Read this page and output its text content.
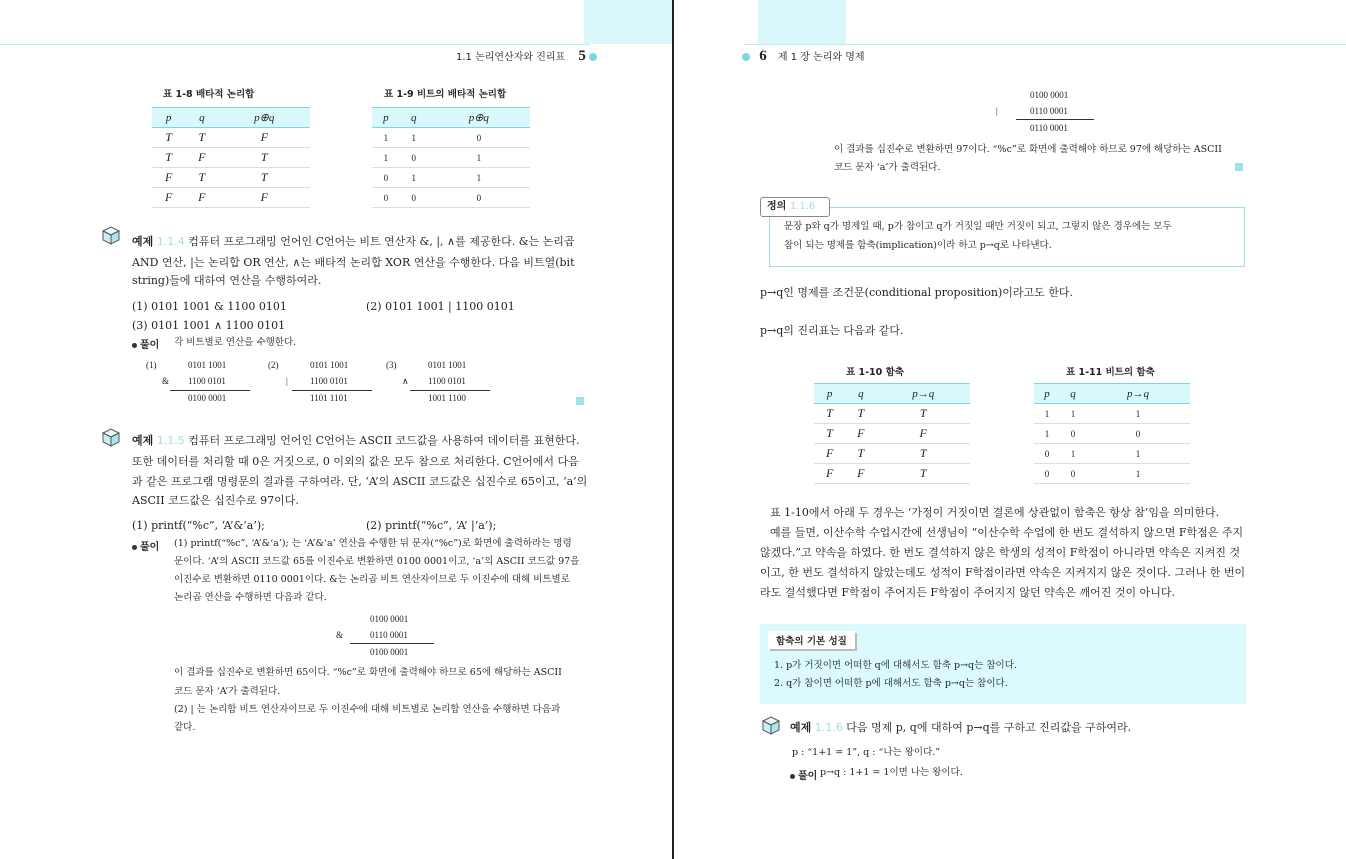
1.1 논리연산자와 진리표 5
표 1-8 배타적 논리합
p	q	p⊕q
T	T	F
T	F	T
F	T	T
F	F	F
표 1-9 비트의 배타적 논리합
p	q	p⊕q
1	1	0
1	0	1
0	1	1
0	0	0
예제 1.1.4 컴퓨터 프로그래밍 언어인 C언어는 비트 연산자 &, |, ∧를 제공한다. &는 논리곱
AND 연산, |는 논리합 OR 연산, ∧는 배타적 논리합 XOR 연산을 수행한다. 다음 비트열(bit
string)들에 대하여 연산을 수행하여라.
(1) 0101 1001 & 1100 0101	(2) 0101 1001 | 1100 0101
(3) 0101 1001 ∧ 1100 0101
풀이 각 비트별로 연산을 수행한다.
(1)	0101 1001
& 1100 0101
0100 0001
(2)	0101 1001
| 1100 0101
1101 1101
(3)	0101 1001
∧ 1100 0101
1001 1100
예제 1.1.5 컴퓨터 프로그래밍 언어인 C언어는 ASCII 코드값을 사용하여 데이터를 표현한다.
또한 데이터를 처리할 때 0은 거짓으로, 0 이외의 값은 모두 참으로 처리한다. C언어에서 다음
과 같은 프로그램 명령문의 결과를 구하여라. 단, ‘A’의 ASCII 코드값은 십진수로 65이고, ‘a’의
ASCII 코드값은 십진수로 97이다.
(1) printf(“%c”, ‘A’&‘a’);	(2) printf(“%c”, ‘A’ |‘a’);
풀이 (1) printf(“%c”, ‘A’&‘a’); 는 ‘A’&‘a’ 연산을 수행한 뒤 문자(“%c”)로 화면에 출력하라는 명령
문이다. ‘A’의 ASCII 코드값 65를 이진수로 변환하면 0100 0001이고, ‘a’의 ASCII 코드값 97을
이진수로 변환하면 0110 0001이다. &는 논리곱 비트 연산자이므로 두 이진수에 대해 비트별로
논리곱 연산을 수행하면 다음과 같다.
0100 0001
&	0110 0001
0100 0001
이 결과를 십진수로 변환하면 65이다. “%c”로 화면에 출력해야 하므로 65에 해당하는 ASCII
코드 문자 ‘A’가 출력된다.
(2) | 는 논리합 비트 연산자이므로 두 이진수에 대해 비트별로 논리합 연산을 수행하면 다음과
같다.
6 제 1 장 논리와 명제
0100 0001
|	0110 0001
0110 0001
이 결과를 십진수로 변환하면 97이다. “%c”로 화면에 출력해야 하므로 97에 해당하는 ASCII
코드 문자 ‘a’가 출력된다.
정의 1.1.6
문장 p와 q가 명제일 때, p가 참이고 q가 거짓일 때만 거짓이 되고, 그렇지 않은 경우에는 모두
참이 되는 명제를 함축(implication)이라 하고 p→q로 나타낸다.
p→q인 명제를 조건문(conditional proposition)이라고도 한다.
p→q의 진리표는 다음과 같다.
표 1-10 함축
p	q	p→q
T	T	T
T	F	F
F	T	T
F	F	T
표 1-11 비트의 함축
p	q	p→q
1	1	1
1	0	0
0	1	1
0	0	1
표 1-10에서 아래 두 경우는 ‘가정이 거짓이면 결론에 상관없이 함축은 항상 참’임을 의미한다.
예를 들면, 이산수학 수업시간에 선생님이 “이산수학 수업에 한 번도 결석하지 않으면 F학점은 주지
않겠다.”고 약속을 하였다. 한 번도 결석하지 않은 학생의 성적이 F학점이 아니라면 약속은 지켜진 것
이고, 한 번도 결석하지 않았는데도 성적이 F학점이라면 약속은 지켜지지 않은 것이다. 그러나 한 번이
라도 결석했다면 F학점이 주어지든 F학점이 주어지지 않던 약속은 깨어진 것이 아니다.
함축의 기본 성질
1. p가 거짓이면 어떠한 q에 대해서도 함축 p→q는 참이다.
2. q가 참이면 어떠한 p에 대해서도 함축 p→q는 참이다.
예제 1.1.6 다음 명제 p, q에 대하여 p→q를 구하고 진리값을 구하여라.
p : “1+1 = 1”, q : “나는 왕이다.”
풀이 p→q : 1+1 = 1이면 나는 왕이다.
